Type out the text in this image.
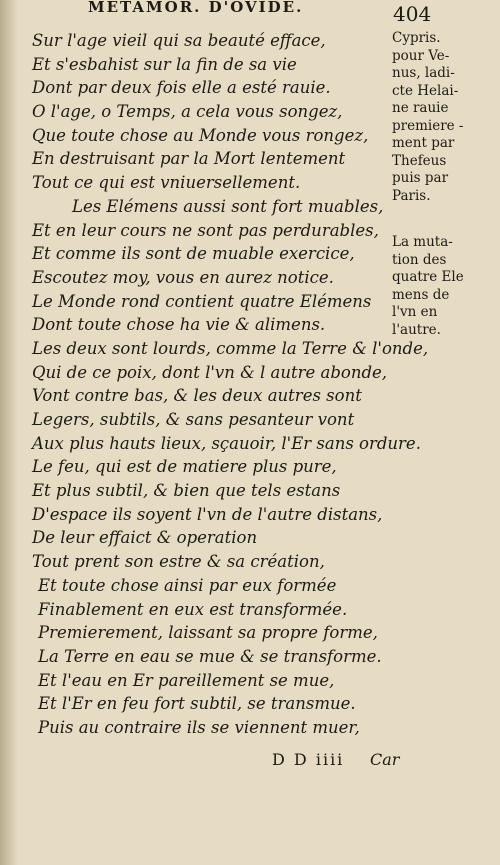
METAMOR. D'OVIDE.	404
Sur l'age vieil qui sa beauté efface,
Et s'esbahist sur la fin de sa vie
Dont par deux fois elle a esté rauie.
O l'age, o Temps, a cela vous songez,
Que toute chose au Monde vous rongez,
En destruisant par la Mort lentement
Tout ce qui est vniuersellement.
Les Elémens aussi sont fort muables,
Et en leur cours ne sont pas perdurables,
Et comme ils sont de muable exercice,
Escoutez moy, vous en aurez notice.
Le Monde rond contient quatre Elémens
Dont toute chose ha vie & alimens.
Les deux sont lourds, comme la Terre & l'onde,
Qui de ce poix, dont l'vn & l autre abonde,
Vont contre bas, & les deux autres sont
Legers, subtils, & sans pesanteur vont
Aux plus hauts lieux, sçauoir, l'Er sans ordure.
Le feu, qui est de matiere plus pure,
Et plus subtil, & bien que tels estans
D'espace ils soyent l'vn de l'autre distans,
De leur effaict & operation
Tout prent son estre & sa création,
Et toute chose ainsi par eux formée
Finablement en eux est transformée.
Premierement, laissant sa propre forme,
La Terre en eau se mue & se transforme.
Et l'eau en Er pareillement se mue,
Et l'Er en feu fort subtil, se transmue.
Puis au contraire ils se viennent muer,

Cypris.
pour Ve-
nus, ladi-
cte Helai-
ne rauie
premiere -
ment par
Thefeus
puis par
Paris.

La muta-
tion des
quatre Ele
mens de
l'vn en
l'autre.

D D iiii Car
